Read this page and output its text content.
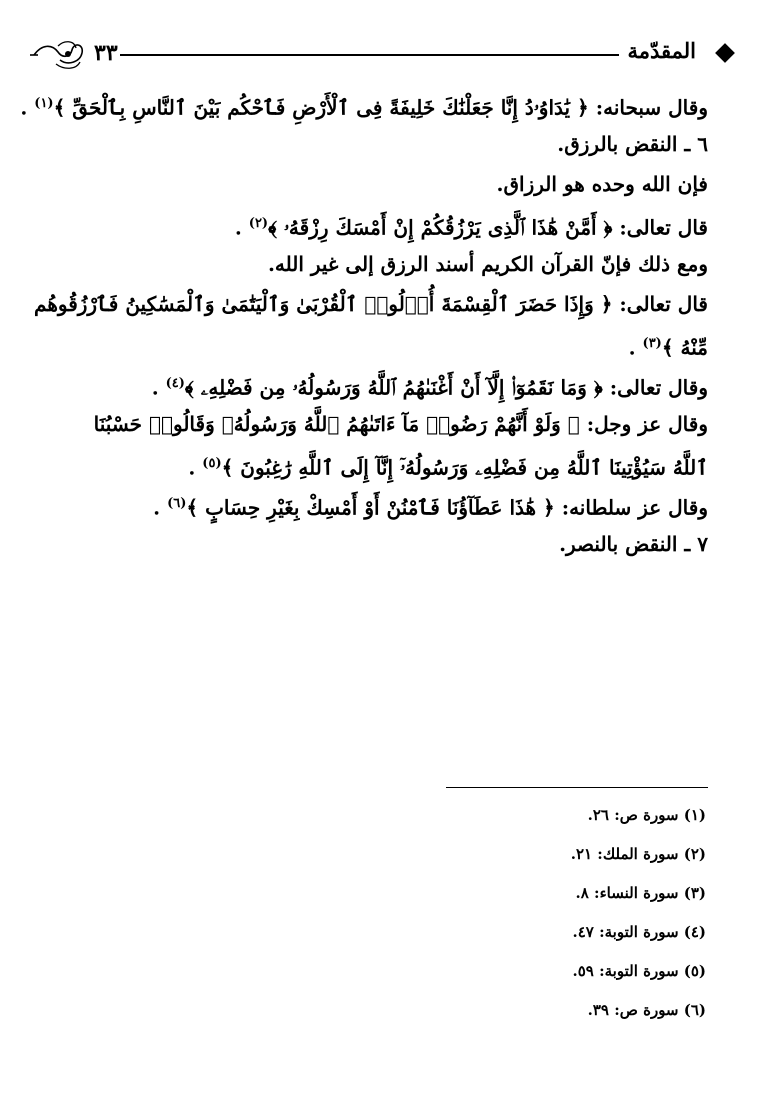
المقدّمة
٣٣
وقال سبحانه: ﴿ يَٰدَاوُۥدُ إِنَّا جَعَلْنَٰكَ خَلِيفَةً فِى ٱلْأَرْضِ فَٱحْكُم بَيْنَ ٱلنَّاسِ بِٱلْحَقِّ ﴾$^{(١)}$ .
٦ ـ النقض بالرزق.
فإن الله وحده هو الرزاق.
قال تعالى: ﴿ أَمَّنْ هَٰذَا ٱلَّذِى يَرْزُقُكُمْ إِنْ أَمْسَكَ رِزْقَهُۥ ﴾$^{(٢)}$ .
ومع ذلك فإنّ القرآن الكريم أسند الرزق إلى غير الله.
قال تعالى: ﴿ وَإِذَا حَضَرَ ٱلْقِسْمَةَ أُو۟لُوا۟ ٱلْقُرْبَىٰ وَٱلْيَتَٰمَىٰ وَٱلْمَسَٰكِينُ فَٱرْزُقُوهُم
مِّنْهُ ﴾$^{(٣)}$ .
وقال تعالى: ﴿ وَمَا نَقَمُوٓا۟ إِلَّآ أَنْ أَغْنَىٰهُمُ ٱللَّهُ وَرَسُولُهُۥ مِن فَضْلِهِۦ ﴾$^{(٤)}$ .
وقال عز وجل: ﴿ وَلَوْ أَنَّهُمْ رَضُوا۟ مَآ ءَاتَىٰهُمُ ٱللَّهُ وَرَسُولُهُۥ وَقَالُوا۟ حَسْبُنَا
ٱللَّهُ سَيُؤْتِينَا ٱللَّهُ مِن فَضْلِهِۦ وَرَسُولُهُۥٓ إِنَّآ إِلَى ٱللَّهِ رَٰغِبُونَ ﴾$^{(٥)}$ .
وقال عز سلطانه: ﴿ هَٰذَا عَطَآؤُنَا فَٱمْنُنْ أَوْ أَمْسِكْ بِغَيْرِ حِسَابٍ ﴾$^{(٦)}$ .
٧ ـ النقض بالنصر.
(١) سورة ص: ٢٦.
(٢) سورة الملك: ٢١.
(٣) سورة النساء: ٨.
(٤) سورة التوبة: ٤٧.
(٥) سورة التوبة: ٥٩.
(٦) سورة ص: ٣٩.
